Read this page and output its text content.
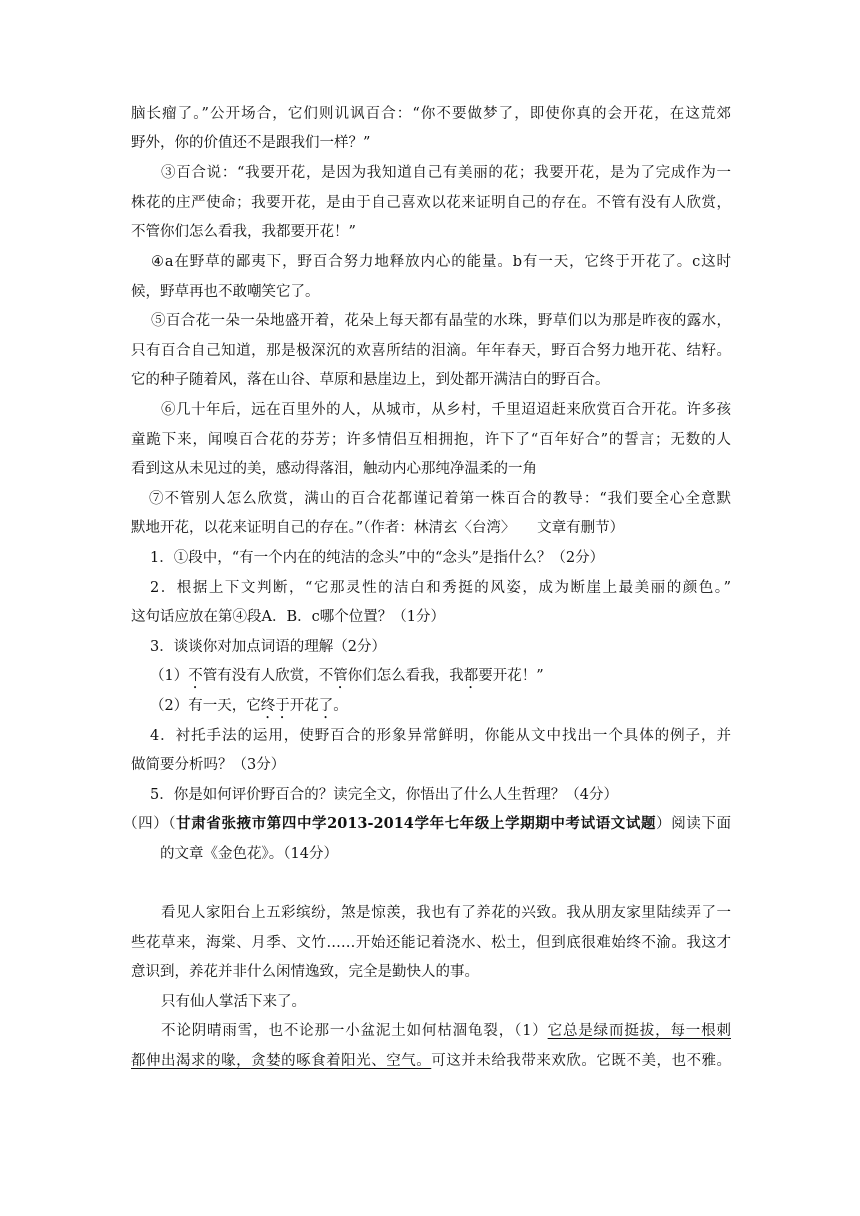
脑长瘤了。”公开场合，它们则讥讽百合：“你不要做梦了，即使你真的会开花，在这荒郊
野外，你的价值还不是跟我们一样？”
③百合说：“我要开花，是因为我知道自己有美丽的花；我要开花，是为了完成作为一
株花的庄严使命；我要开花，是由于自己喜欢以花来证明自己的存在。不管有没有人欣赏，
不管你们怎么看我，我都要开花！”
④a在野草的鄙夷下，野百合努力地释放内心的能量。b有一天，它终于开花了。c这时
候，野草再也不敢嘲笑它了。
⑤百合花一朵一朵地盛开着，花朵上每天都有晶莹的水珠，野草们以为那是昨夜的露水，
只有百合自己知道，那是极深沉的欢喜所结的泪滴。年年春天，野百合努力地开花、结籽。
它的种子随着风，落在山谷、草原和悬崖边上，到处都开满洁白的野百合。
⑥几十年后，远在百里外的人，从城市，从乡村，千里迢迢赶来欣赏百合开花。许多孩
童跪下来，闻嗅百合花的芬芳；许多情侣互相拥抱，许下了“百年好合”的誓言；无数的人
看到这从未见过的美，感动得落泪，触动内心那纯净温柔的一角
⑦不管别人怎么欣赏，满山的百合花都谨记着第一株百合的教导：“我们要全心全意默
默地开花，以花来证明自己的存在。”（作者：林清玄〈台湾〉　　文章有删节）
1．①段中，“有一个内在的纯洁的念头”中的“念头”是指什么？（2分）
2．根据上下文判断，“它那灵性的洁白和秀挺的风姿，成为断崖上最美丽的颜色。”
这句话应放在第④段A．B．c哪个位置？（1分）
3．谈谈你对加点词语的理解（2分）
（1）不管有没有人欣赏，不管你们怎么看我，我都要开花！”
（2）有一天，它终于开花了。
4．衬托手法的运用，使野百合的形象异常鲜明，你能从文中找出一个具体的例子，并
做简要分析吗？（3分）
5．你是如何评价野百合的？读完全文，你悟出了什么人生哲理？（4分）
（四）（甘肃省张掖市第四中学2013-2014学年七年级上学期期中考试语文试题）阅读下面
的文章《金色花》。（14分）
看见人家阳台上五彩缤纷，煞是惊羡，我也有了养花的兴致。我从朋友家里陆续弄了一
些花草来，海棠、月季、文竹……开始还能记着浇水、松土，但到底很难始终不渝。我这才
意识到，养花并非什么闲情逸致，完全是勤快人的事。
只有仙人掌活下来了。
不论阴晴雨雪，也不论那一小盆泥土如何枯涸龟裂，（1）它总是绿而挺拔，每一根刺
都伸出渴求的喙，贪婪的啄食着阳光、空气。可这并未给我带来欢欣。它既不美，也不雅。
